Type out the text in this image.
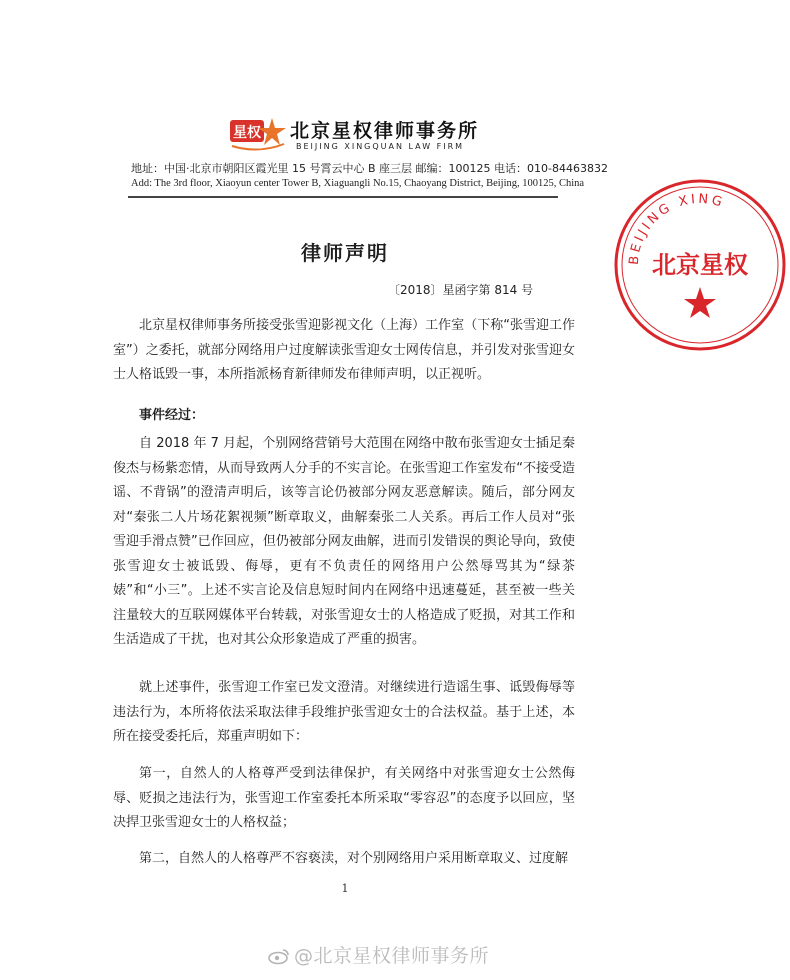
星权 北京星权律师事务所
BEIJING XINGQUAN LAW FIRM
地址：中国·北京市朝阳区霞光里 15 号霄云中心 B 座三层 邮编：100125 电话：010-84463832
Add: The 3rd floor, Xiaoyun center Tower B, Xiaguangli No.15, Chaoyang District, Beijing, 100125, China
BEIJING XING
北京星权
律师声明
〔2018〕星函字第 814 号
北京星权律师事务所接受张雪迎影视文化（上海）工作室（下称“张雪迎工作室”）之委托，就部分网络用户过度解读张雪迎女士网传信息，并引发对张雪迎女士人格诋毁一事，本所指派杨育新律师发布律师声明，以正视听。
事件经过：
自 2018 年 7 月起，个别网络营销号大范围在网络中散布张雪迎女士插足秦俊杰与杨紫恋情，从而导致两人分手的不实言论。在张雪迎工作室发布“不接受造谣、不背锅”的澄清声明后，该等言论仍被部分网友恶意解读。随后，部分网友对“秦张二人片场花絮视频”断章取义，曲解秦张二人关系。再后工作人员对“张雪迎手滑点赞”已作回应，但仍被部分网友曲解，进而引发错误的舆论导向，致使张雪迎女士被诋毁、侮辱，更有不负责任的网络用户公然辱骂其为“绿茶婊”和“小三”。上述不实言论及信息短时间内在网络中迅速蔓延，甚至被一些关注量较大的互联网媒体平台转载，对张雪迎女士的人格造成了贬损，对其工作和生活造成了干扰，也对其公众形象造成了严重的损害。
就上述事件，张雪迎工作室已发文澄清。对继续进行造谣生事、诋毁侮辱等违法行为，本所将依法采取法律手段维护张雪迎女士的合法权益。基于上述，本所在接受委托后，郑重声明如下：
第一，自然人的人格尊严受到法律保护，有关网络中对张雪迎女士公然侮辱、贬损之违法行为，张雪迎工作室委托本所采取“零容忍”的态度予以回应，坚决捍卫张雪迎女士的人格权益；
第二，自然人的人格尊严不容亵渎，对个别网络用户采用断章取义、过度解
1
@北京星权律师事务所
